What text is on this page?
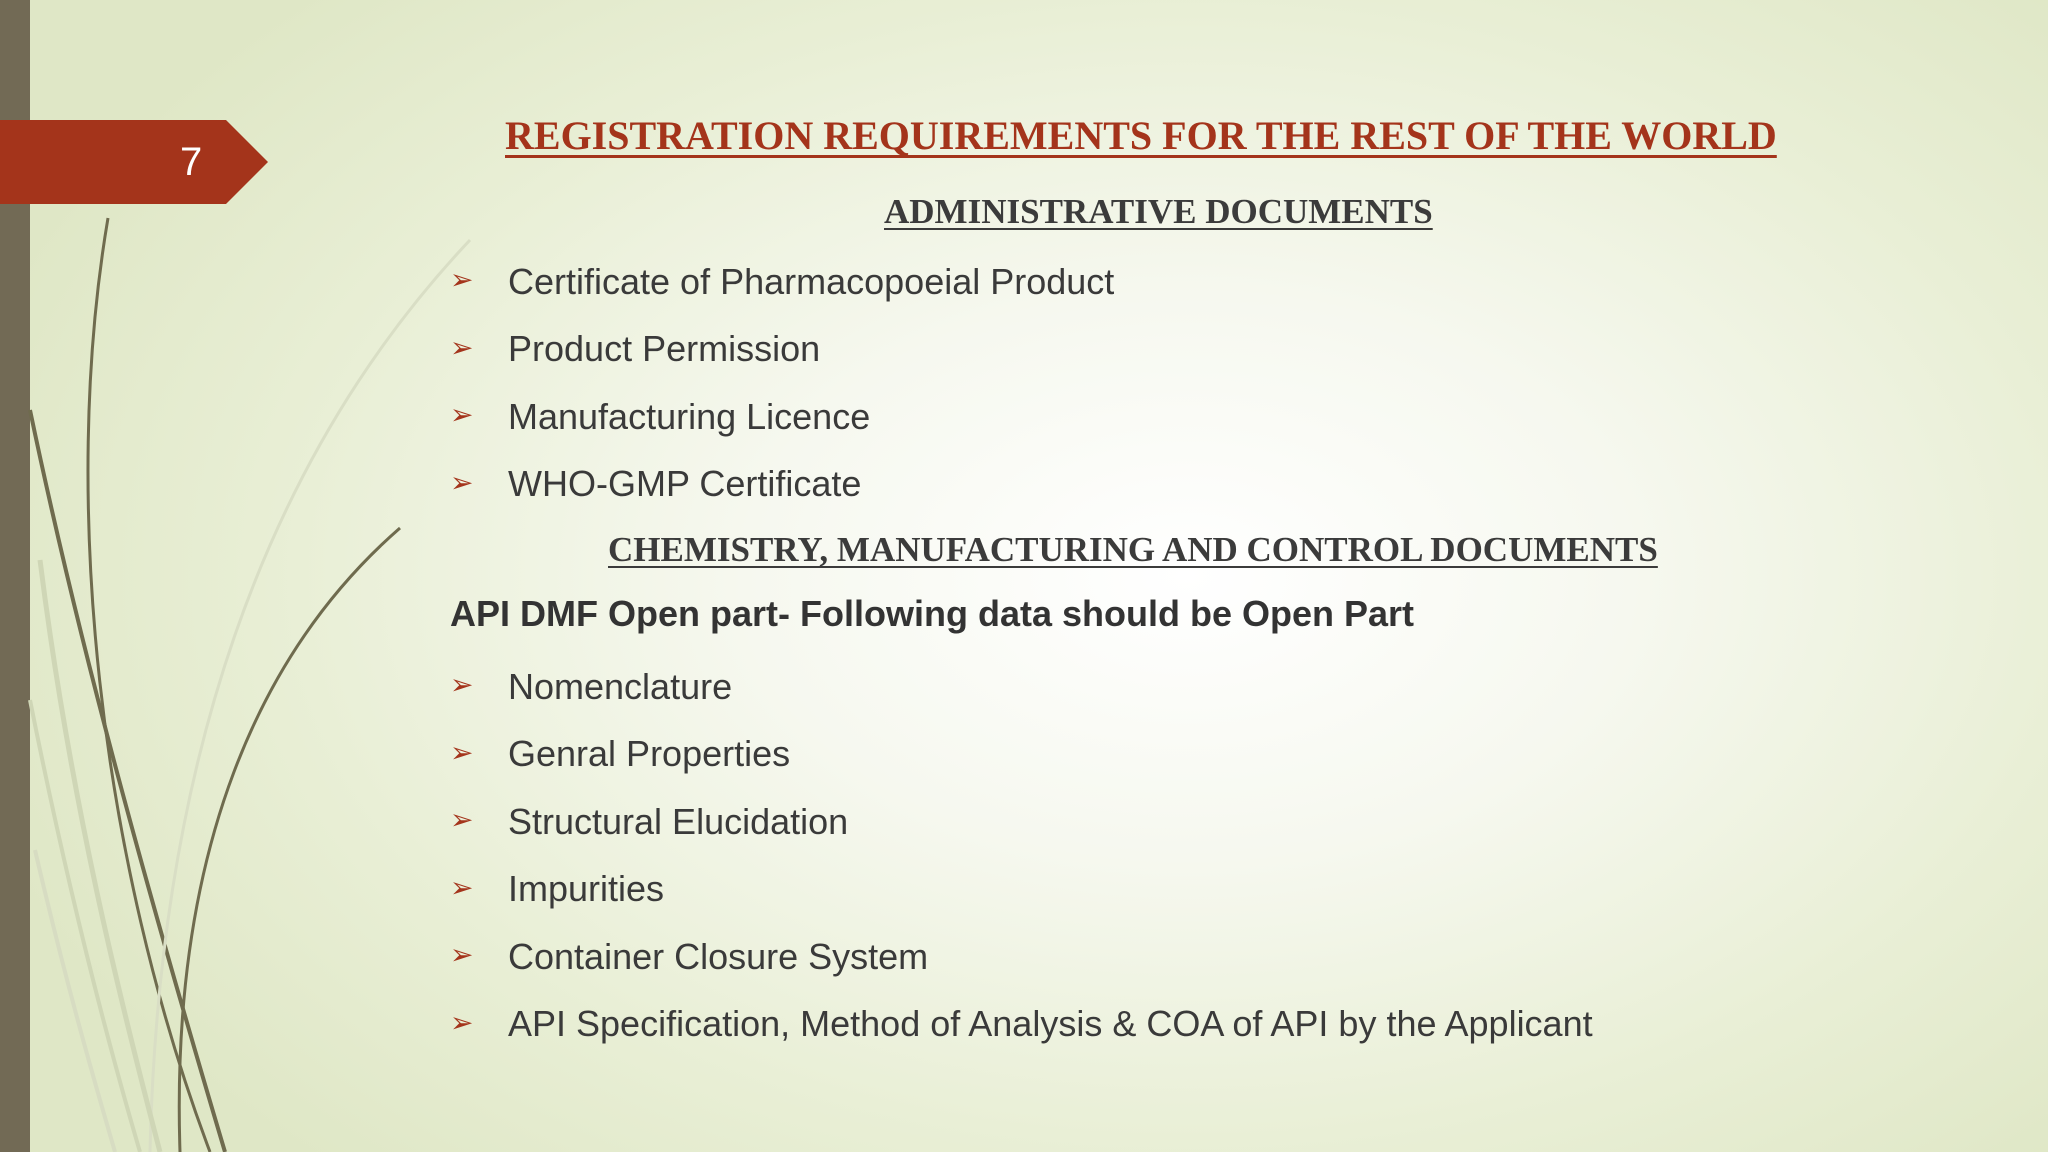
7
REGISTRATION REQUIREMENTS FOR THE REST OF THE WORLD
ADMINISTRATIVE DOCUMENTS
➢ Certificate of Pharmacopoeial Product
➢ Product Permission
➢ Manufacturing Licence
➢ WHO-GMP Certificate
CHEMISTRY, MANUFACTURING AND CONTROL DOCUMENTS

API DMF Open part- Following data should be Open Part

➢ Nomenclature
➢ Genral Properties
➢ Structural Elucidation
➢ Impurities
➢ Container Closure System
➢ API Specification, Method of Analysis & COA of API by the Applicant
